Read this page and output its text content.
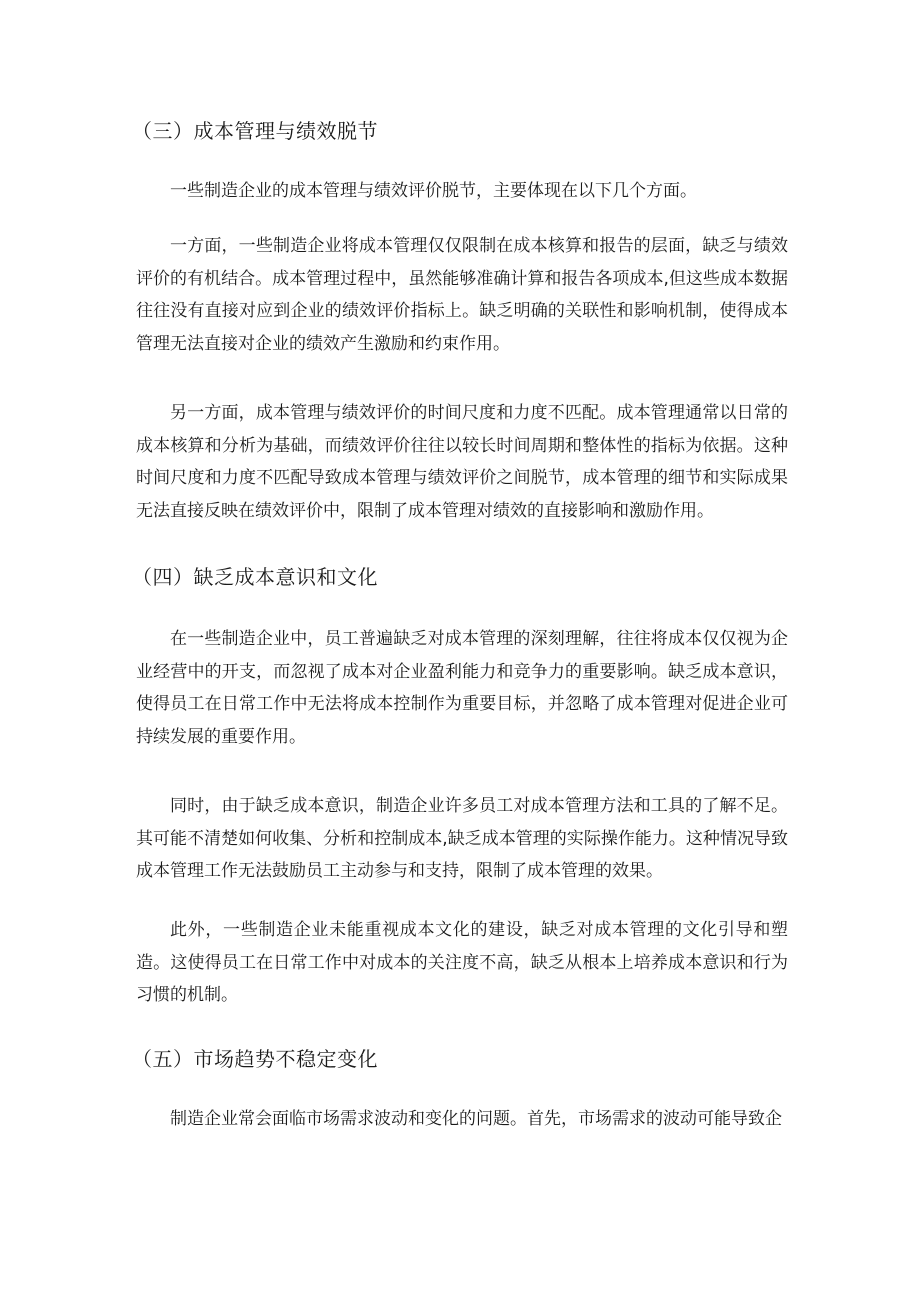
（三）成本管理与绩效脱节

一些制造企业的成本管理与绩效评价脱节，主要体现在以下几个方面。

一方面，一些制造企业将成本管理仅仅限制在成本核算和报告的层面，缺乏与绩效评价的有机结合。成本管理过程中，虽然能够准确计算和报告各项成本,但这些成本数据往往没有直接对应到企业的绩效评价指标上。缺乏明确的关联性和影响机制，使得成本管理无法直接对企业的绩效产生激励和约束作用。

另一方面，成本管理与绩效评价的时间尺度和力度不匹配。成本管理通常以日常的成本核算和分析为基础，而绩效评价往往以较长时间周期和整体性的指标为依据。这种时间尺度和力度不匹配导致成本管理与绩效评价之间脱节，成本管理的细节和实际成果无法直接反映在绩效评价中，限制了成本管理对绩效的直接影响和激励作用。

（四）缺乏成本意识和文化

在一些制造企业中，员工普遍缺乏对成本管理的深刻理解，往往将成本仅仅视为企业经营中的开支，而忽视了成本对企业盈利能力和竞争力的重要影响。缺乏成本意识，使得员工在日常工作中无法将成本控制作为重要目标，并忽略了成本管理对促进企业可持续发展的重要作用。

同时，由于缺乏成本意识，制造企业许多员工对成本管理方法和工具的了解不足。其可能不清楚如何收集、分析和控制成本,缺乏成本管理的实际操作能力。这种情况导致成本管理工作无法鼓励员工主动参与和支持，限制了成本管理的效果。

此外，一些制造企业未能重视成本文化的建设，缺乏对成本管理的文化引导和塑造。这使得员工在日常工作中对成本的关注度不高，缺乏从根本上培养成本意识和行为习惯的机制。

（五）市场趋势不稳定变化

制造企业常会面临市场需求波动和变化的问题。首先，市场需求的波动可能导致企
